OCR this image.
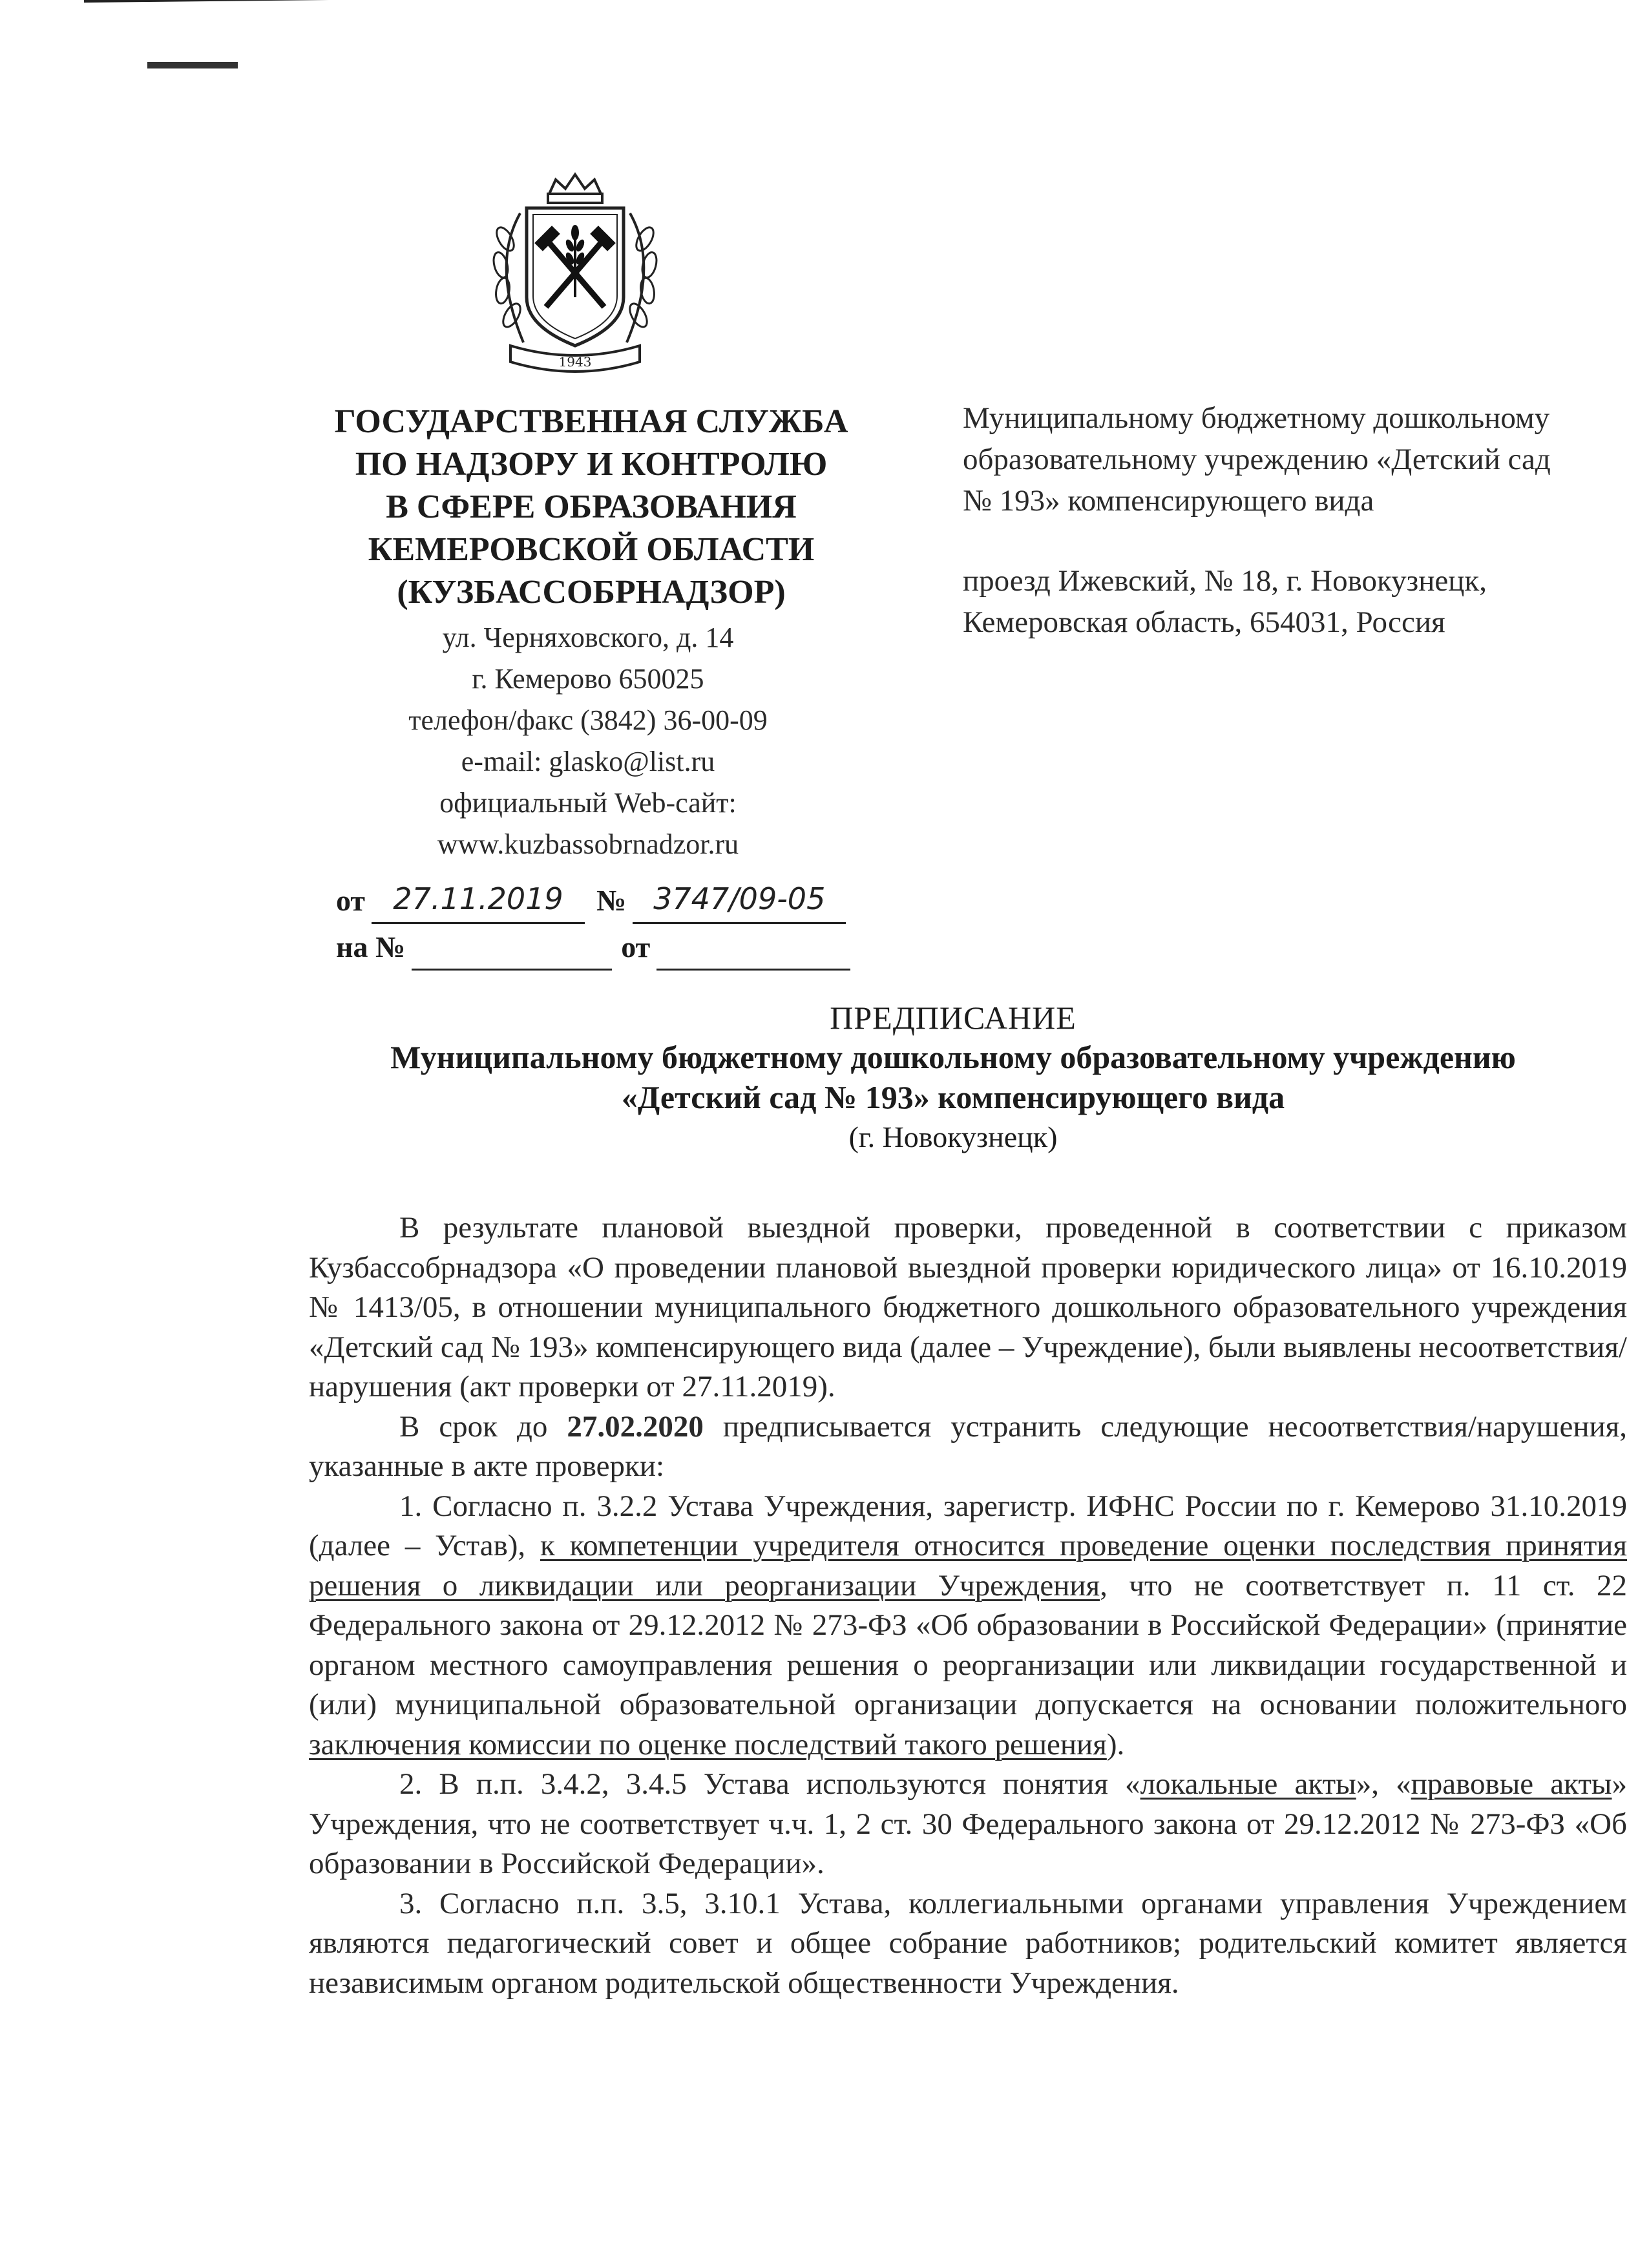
1943
ГОСУДАРСТВЕННАЯ СЛУЖБА
ПО НАДЗОРУ И КОНТРОЛЮ
В СФЕРЕ ОБРАЗОВАНИЯ
КЕМЕРОВСКОЙ ОБЛАСТИ
(КУЗБАССОБРНАДЗОР)
ул. Черняховского, д. 14
г. Кемерово 650025
телефон/факс (3842) 36-00-09
e-mail: glasko@list.ru
официальный Web-сайт:
www.kuzbassobrnadzor.ru
от 27.11.2019	№ 3747/09-05
на №	от
Муниципальному бюджетному дошкольному
образовательному учреждению «Детский сад
№ 193» компенсирующего вида
проезд Ижевский, № 18, г. Новокузнецк,
Кемеровская область, 654031, Россия
ПРЕДПИСАНИЕ
Муниципальному бюджетному дошкольному образовательному учреждению
«Детский сад № 193» компенсирующего вида
(г. Новокузнецк)

В результате плановой выездной проверки, проведенной в соответствии с приказом Кузбассобрнадзора «О проведении плановой выездной проверки юридического лица» от 16.10.2019 № 1413/05, в отношении муниципального бюджетного дошкольного образовательного учреждения «Детский сад № 193» компенсирующего вида (далее – Учреждение), были выявлены несоответствия/нарушения (акт проверки от 27.11.2019).

В срок до 27.02.2020 предписывается устранить следующие несоответствия/нарушения, указанные в акте проверки:

1. Согласно п. 3.2.2 Устава Учреждения, зарегистр. ИФНС России по г. Кемерово 31.10.2019 (далее – Устав), к компетенции учредителя относится проведение оценки последствия принятия решения о ликвидации или реорганизации Учреждения, что не соответствует п. 11 ст. 22 Федерального закона от 29.12.2012 № 273-ФЗ «Об образовании в Российской Федерации» (принятие органом местного самоуправления решения о реорганизации или ликвидации государственной и (или) муниципальной образовательной организации допускается на основании положительного заключения комиссии по оценке последствий такого решения).

2. В п.п. 3.4.2, 3.4.5 Устава используются понятия «локальные акты», «правовые акты» Учреждения, что не соответствует ч.ч. 1, 2 ст. 30 Федерального закона от 29.12.2012 № 273-ФЗ «Об образовании в Российской Федерации».

3. Согласно п.п. 3.5, 3.10.1 Устава, коллегиальными органами управления Учреждением являются педагогический совет и общее собрание работников; родительский комитет является независимым органом родительской общественности Учреждения.
